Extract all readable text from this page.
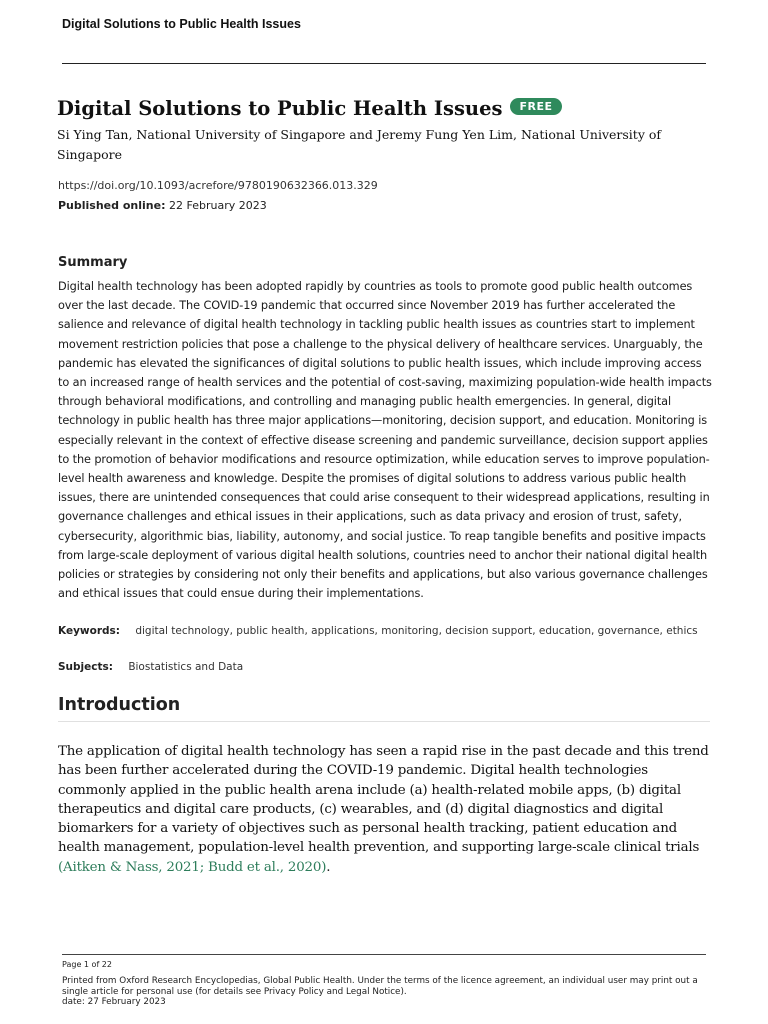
Digital Solutions to Public Health Issues
Digital Solutions to Public Health Issues	FREE
Si Ying Tan, National University of Singapore and Jeremy Fung Yen Lim, National University of Singapore
https://doi.org/10.1093/acrefore/9780190632366.013.329
Published online: 22 February 2023
Summary
Digital health technology has been adopted rapidly by countries as tools to promote good public health outcomes over the last decade. The COVID-19 pandemic that occurred since November 2019 has further accelerated the salience and relevance of digital health technology in tackling public health issues as countries start to implement movement restriction policies that pose a challenge to the physical delivery of healthcare services. Unarguably, the pandemic has elevated the significances of digital solutions to public health issues, which include improving access to an increased range of health services and the potential of cost-saving, maximizing population-wide health impacts through behavioral modifications, and controlling and managing public health emergencies. In general, digital technology in public health has three major applications—monitoring, decision support, and education. Monitoring is especially relevant in the context of effective disease screening and pandemic surveillance, decision support applies to the promotion of behavior modifications and resource optimization, while education serves to improve population-level health awareness and knowledge. Despite the promises of digital solutions to address various public health issues, there are unintended consequences that could arise consequent to their widespread applications, resulting in governance challenges and ethical issues in their applications, such as data privacy and erosion of trust, safety, cybersecurity, algorithmic bias, liability, autonomy, and social justice. To reap tangible benefits and positive impacts from large-scale deployment of various digital health solutions, countries need to anchor their national digital health policies or strategies by considering not only their benefits and applications, but also various governance challenges and ethical issues that could ensue during their implementations.
Keywords: digital technology, public health, applications, monitoring, decision support, education, governance, ethics
Subjects: Biostatistics and Data
Introduction
The application of digital health technology has seen a rapid rise in the past decade and this trend has been further accelerated during the COVID-19 pandemic. Digital health technologies commonly applied in the public health arena include (a) health-related mobile apps, (b) digital therapeutics and digital care products, (c) wearables, and (d) digital diagnostics and digital biomarkers for a variety of objectives such as personal health tracking, patient education and health management, population-level health prevention, and supporting large-scale clinical trials (Aitken & Nass, 2021; Budd et al., 2020).
Page 1 of 22
Printed from Oxford Research Encyclopedias, Global Public Health. Under the terms of the licence agreement, an individual user may print out a single article for personal use (for details see Privacy Policy and Legal Notice).
date: 27 February 2023
